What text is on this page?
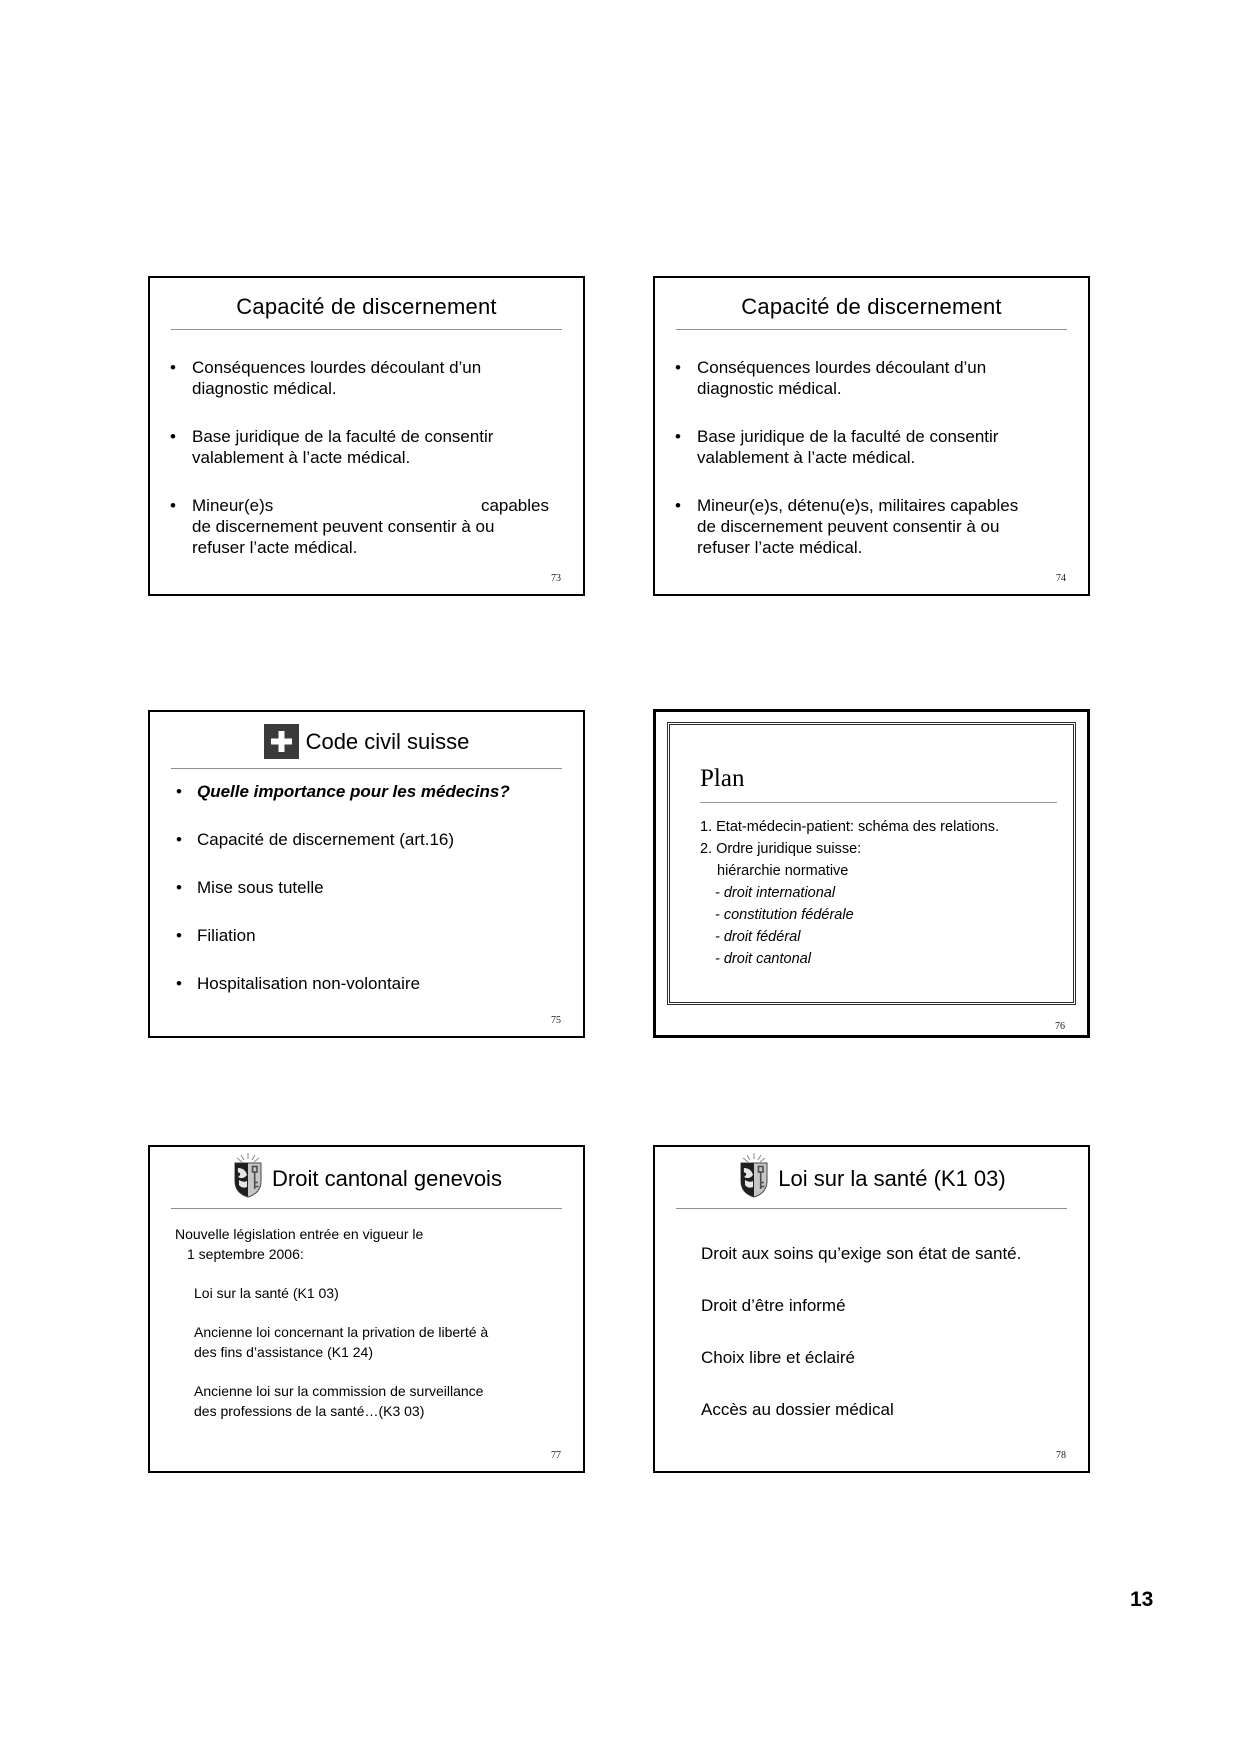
Capacité de discernement
• Conséquences lourdes découlant d’un
diagnostic médical.
• Base juridique de la faculté de consentir
valablement à l’acte médical.
• Mineur(e)s	capables
de discernement peuvent consentir à ou
refuser l’acte médical.
73
Capacité de discernement
• Conséquences lourdes découlant d’un
diagnostic médical.
• Base juridique de la faculté de consentir
valablement à l’acte médical.
• Mineur(e)s, détenu(e)s, militaires capables
de discernement peuvent consentir à ou
refuser l’acte médical.
74
Code civil suisse
• Quelle importance pour les médecins?
• Capacité de discernement (art.16)
• Mise sous tutelle
• Filiation
• Hospitalisation non-volontaire
75
Plan
1. Etat-médecin-patient: schéma des relations.
2. Ordre juridique suisse:
hiérarchie normative
- droit international
- constitution fédérale
- droit fédéral
- droit cantonal
76
Droit cantonal genevois
Nouvelle législation entrée en vigueur le
1 septembre 2006:
Loi sur la santé (K1 03)
Ancienne loi concernant la privation de liberté à
des fins d’assistance (K1 24)
Ancienne loi sur la commission de surveillance
des professions de la santé…(K3 03)
77
Loi sur la santé (K1 03)
Droit aux soins qu’exige son état de santé.
Droit d’être informé
Choix libre et éclairé
Accès au dossier médical
78
13
